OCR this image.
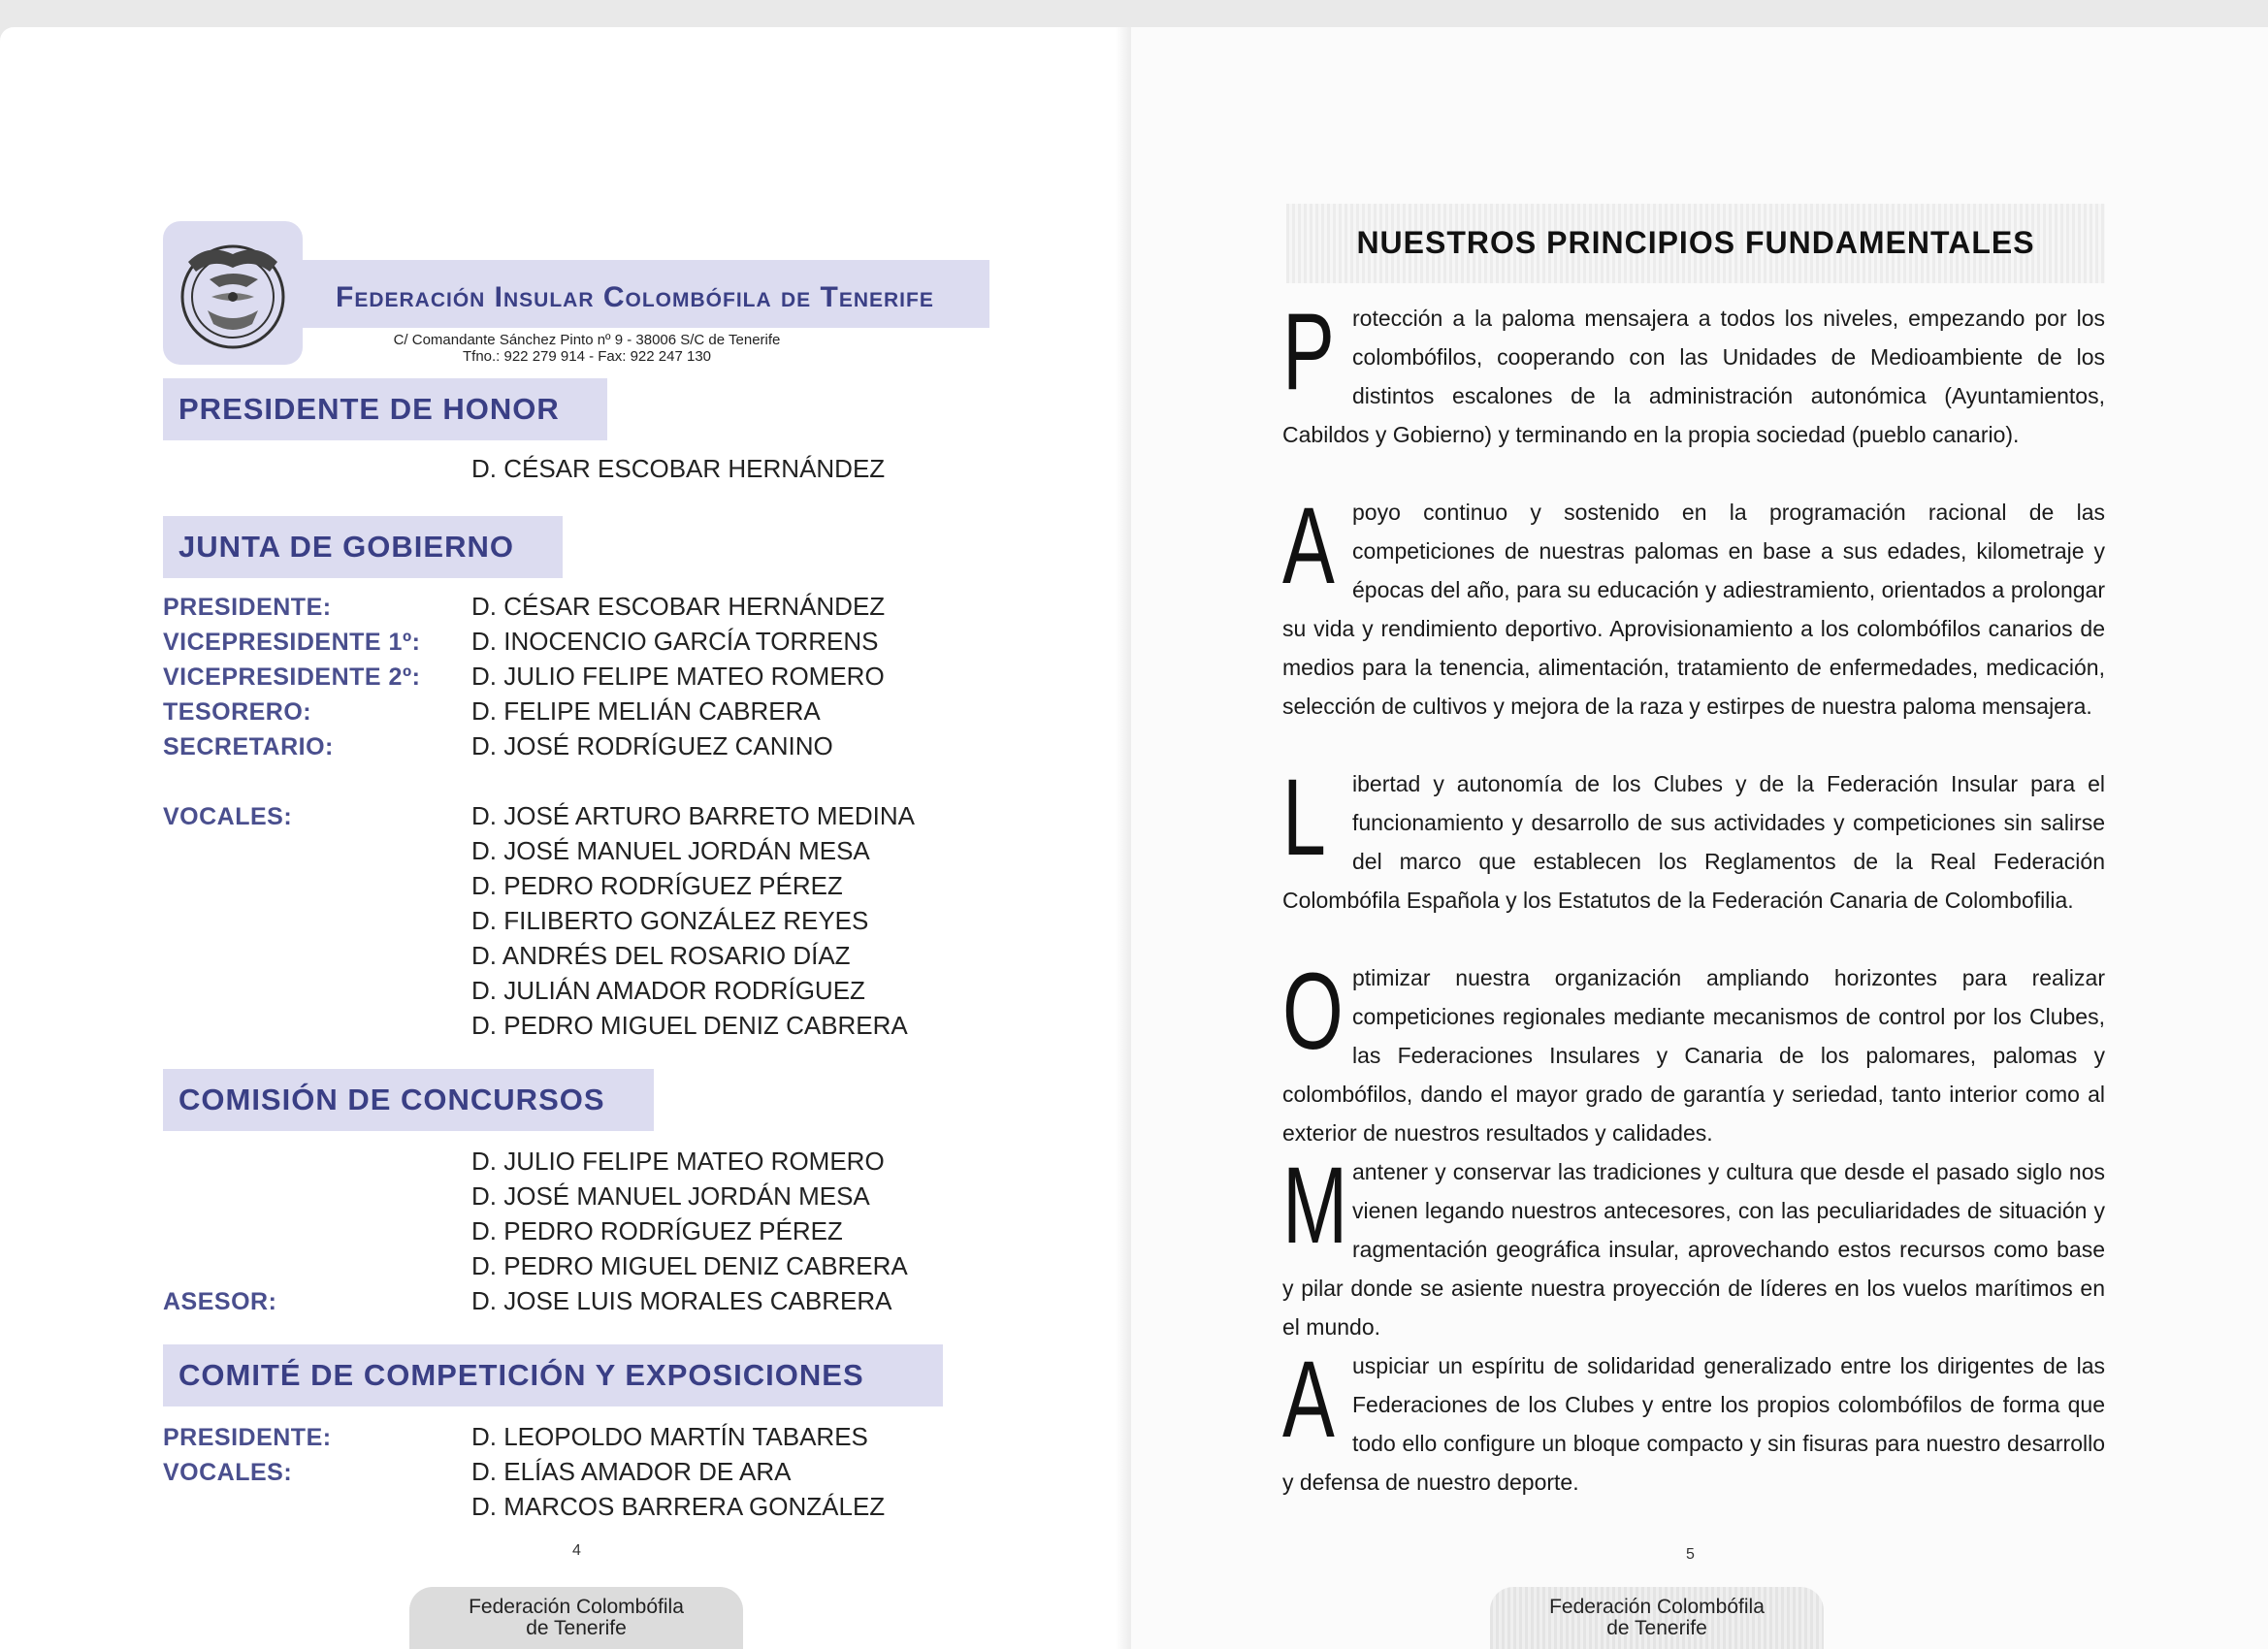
Federación Insular Colombófila de Tenerife
C/ Comandante Sánchez Pinto nº 9 - 38006 S/C de Tenerife
Tfno.: 922 279 914 - Fax: 922 247 130
PRESIDENTE DE HONOR
D. CÉSAR ESCOBAR HERNÁNDEZ
JUNTA DE GOBIERNO
PRESIDENTE:	D. CÉSAR ESCOBAR HERNÁNDEZ
VICEPRESIDENTE 1º: D. INOCENCIO GARCÍA TORRENS
VICEPRESIDENTE 2º: D. JULIO FELIPE MATEO ROMERO
TESORERO:	D. FELIPE MELIÁN CABRERA
SECRETARIO:	D. JOSÉ RODRÍGUEZ CANINO
VOCALES:	D. JOSÉ ARTURO BARRETO MEDINA
D. JOSÉ MANUEL JORDÁN MESA
D. PEDRO RODRÍGUEZ PÉREZ
D. FILIBERTO GONZÁLEZ REYES
D. ANDRÉS DEL ROSARIO DÍAZ
D. JULIÁN AMADOR RODRÍGUEZ
D. PEDRO MIGUEL DENIZ CABRERA
COMISIÓN DE CONCURSOS
D. JULIO FELIPE MATEO ROMERO
D. JOSÉ MANUEL JORDÁN MESA
D. PEDRO RODRÍGUEZ PÉREZ
D. PEDRO MIGUEL DENIZ CABRERA
ASESOR:	D. JOSE LUIS MORALES CABRERA
COMITÉ DE COMPETICIÓN Y EXPOSICIONES
PRESIDENTE:	D. LEOPOLDO MARTÍN TABARES
VOCALES:	D. ELÍAS AMADOR DE ARA
D. MARCOS BARRERA GONZÁLEZ
4
Federación Colombófila
de Tenerife
NUESTROS PRINCIPIOS FUNDAMENTALES
Protección a la paloma mensajera a todos los niveles, empezando por los colombófilos, cooperando con las Unidades de Medioambiente de los distintos escalones de la administración autonómica (Ayuntamientos, Cabildos y Gobierno) y terminando en la propia sociedad (pueblo canario).
Apoyo continuo y sostenido en la programación racional de las competiciones de nuestras palomas en base a sus edades, kilometraje y épocas del año, para su educación y adiestramiento, orientados a prolongar su vida y rendimiento deportivo. Aprovisionamiento a los colombófilos canarios de medios para la tenencia, alimentación, tratamiento de enfermedades, medicación, selección de cultivos y mejora de la raza y estirpes de nuestra paloma mensajera.
L ibertad y autonomía de los Clubes y de la Federación Insular para el funcionamiento y desarrollo de sus actividades y competiciones sin salirse del marco que establecen los Reglamentos de la Real Federación Colombófila Española y los Estatutos de la Federación Canaria de Colombofilia.
Optimizar nuestra organización ampliando horizontes para realizar competiciones regionales mediante mecanismos de control por los Clubes, las Federaciones Insulares y Canaria de los palomares, palomas y colombófilos, dando el mayor grado de garantía y seriedad, tanto interior como al exterior de nuestros resultados y calidades.
Mantener y conservar las tradiciones y cultura que desde el pasado siglo nos vienen legando nuestros antecesores, con las peculiaridades de situación y ragmentación geográfica insular, aprovechando estos recursos como base y pilar donde se asiente nuestra proyección de líderes en los vuelos marítimos en el mundo.
Auspiciar un espíritu de solidaridad generalizado entre los dirigentes de las Federaciones de los Clubes y entre los propios colombófilos de forma que todo ello configure un bloque compacto y sin fisuras para nuestro desarrollo y defensa de nuestro deporte.
5
Federación Colombófila
de Tenerife
